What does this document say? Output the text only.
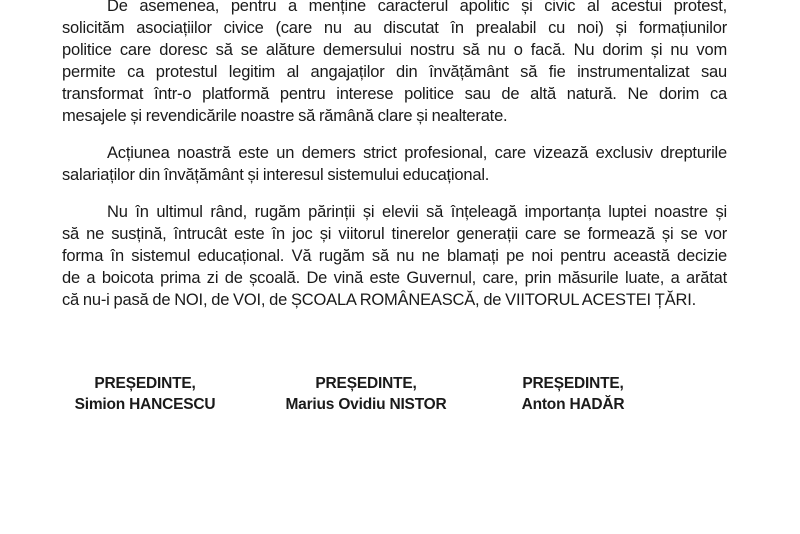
De asemenea, pentru a menține caracterul apolitic și civic al acestui protest,
solicităm asociațiilor civice (care nu au discutat în prealabil cu noi) și formațiunilor
politice care doresc să se alăture demersului nostru să nu o facă. Nu dorim și nu vom
permite ca protestul legitim al angajaților din învățământ să fie instrumentalizat sau
transformat într-o platformă pentru interese politice sau de altă natură. Ne dorim ca
mesajele și revendicările noastre să rămână clare și nealterate.
Acțiunea noastră este un demers strict profesional, care vizează exclusiv drepturile
salariaților din învățământ și interesul sistemului educațional.
Nu în ultimul rând, rugăm părinții și elevii să înțeleagă importanța luptei noastre și
să ne susțină, întrucât este în joc și viitorul tinerelor generații care se formează și se vor
forma în sistemul educațional. Vă rugăm să nu ne blamați pe noi pentru această decizie
de a boicota prima zi de școală. De vină este Guvernul, care, prin măsurile luate, a arătat
că nu-i pasă de NOI, de VOI, de ȘCOALA ROMÂNEASCĂ, de VIITORUL ACESTEI ȚĂRI.
PREȘEDINTE,
Simion HANCESCU
PREȘEDINTE,
Marius Ovidiu NISTOR
PREȘEDINTE,
Anton HADĂR
